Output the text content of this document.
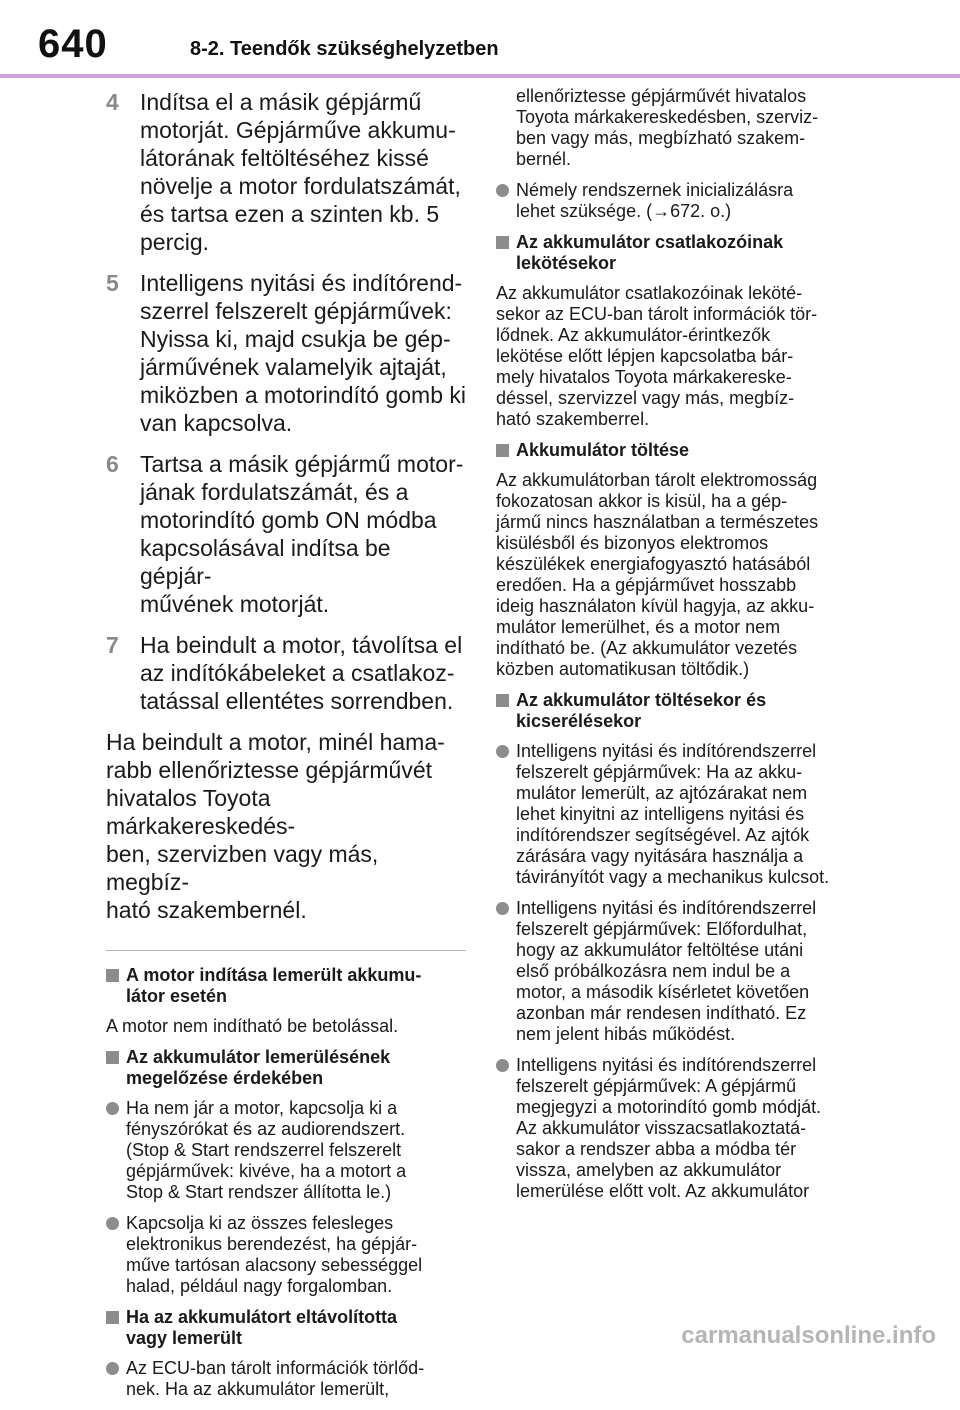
640	8-2. Teendők szükséghelyzetben
4 Indítsa el a másik gépjármű
motorját. Gépjárműve akkumu-
látorának feltöltéséhez kissé
növelje a motor fordulatszámát,
és tartsa ezen a szinten kb. 5
percig.
5 Intelligens nyitási és indítórend-
szerrel felszerelt gépjárművek:
Nyissa ki, majd csukja be gép-
járművének valamelyik ajtaját,
miközben a motorindító gomb ki
van kapcsolva.
6 Tartsa a másik gépjármű motor-
jának fordulatszámát, és a
motorindító gomb ON módba
kapcsolásával indítsa be gépjár-
művének motorját.
7 Ha beindult a motor, távolítsa el
az indítókábeleket a csatlakoz-
tatással ellentétes sorrendben.
Ha beindult a motor, minél hama-
rabb ellenőriztesse gépjárművét
hivatalos Toyota márkakereskedés-
ben, szervizben vagy más, megbíz-
ható szakembernél.
A motor indítása lemerült akkumu-
látor esetén
A motor nem indítható be betolással.
Az akkumulátor lemerülésének
megelőzése érdekében
Ha nem jár a motor, kapcsolja ki a
fényszórókat és az audiorendszert.
(Stop & Start rendszerrel felszerelt
gépjárművek: kivéve, ha a motort a
Stop & Start rendszer állította le.)
Kapcsolja ki az összes felesleges
elektronikus berendezést, ha gépjár-
műve tartósan alacsony sebességgel
halad, például nagy forgalomban.
Ha az akkumulátort eltávolította
vagy lemerült
Az ECU-ban tárolt információk törlőd-
nek. Ha az akkumulátor lemerült,
ellenőriztesse gépjárművét hivatalos
Toyota márkakereskedésben, szerviz-
ben vagy más, megbízható szakem-
bernél.
Némely rendszernek inicializálásra
lehet szüksége. (→672. o.)
Az akkumulátor csatlakozóinak
lekötésekor
Az akkumulátor csatlakozóinak leköté-
sekor az ECU-ban tárolt információk tör-
lődnek. Az akkumulátor-érintkezők
lekötése előtt lépjen kapcsolatba bár-
mely hivatalos Toyota márkakereske-
déssel, szervizzel vagy más, megbíz-
ható szakemberrel.
Akkumulátor töltése
Az akkumulátorban tárolt elektromosság
fokozatosan akkor is kisül, ha a gép-
jármű nincs használatban a természetes
kisülésből és bizonyos elektromos
készülékek energiafogyasztó hatásából
eredően. Ha a gépjárművet hosszabb
ideig használaton kívül hagyja, az akku-
mulátor lemerülhet, és a motor nem
indítható be. (Az akkumulátor vezetés
közben automatikusan töltődik.)
Az akkumulátor töltésekor és
kicserélésekor
Intelligens nyitási és indítórendszerrel
felszerelt gépjárművek: Ha az akku-
mulátor lemerült, az ajtózárakat nem
lehet kinyitni az intelligens nyitási és
indítórendszer segítségével. Az ajtók
zárására vagy nyitására használja a
távirányítót vagy a mechanikus kulcsot.
Intelligens nyitási és indítórendszerrel
felszerelt gépjárművek: Előfordulhat,
hogy az akkumulátor feltöltése utáni
első próbálkozásra nem indul be a
motor, a második kísérletet követően
azonban már rendesen indítható. Ez
nem jelent hibás működést.
Intelligens nyitási és indítórendszerrel
felszerelt gépjárművek: A gépjármű
megjegyzi a motorindító gomb módját.
Az akkumulátor visszacsatlakoztatá-
sakor a rendszer abba a módba tér
vissza, amelyben az akkumulátor
lemerülése előtt volt. Az akkumulátor
carmanualsonline.info
